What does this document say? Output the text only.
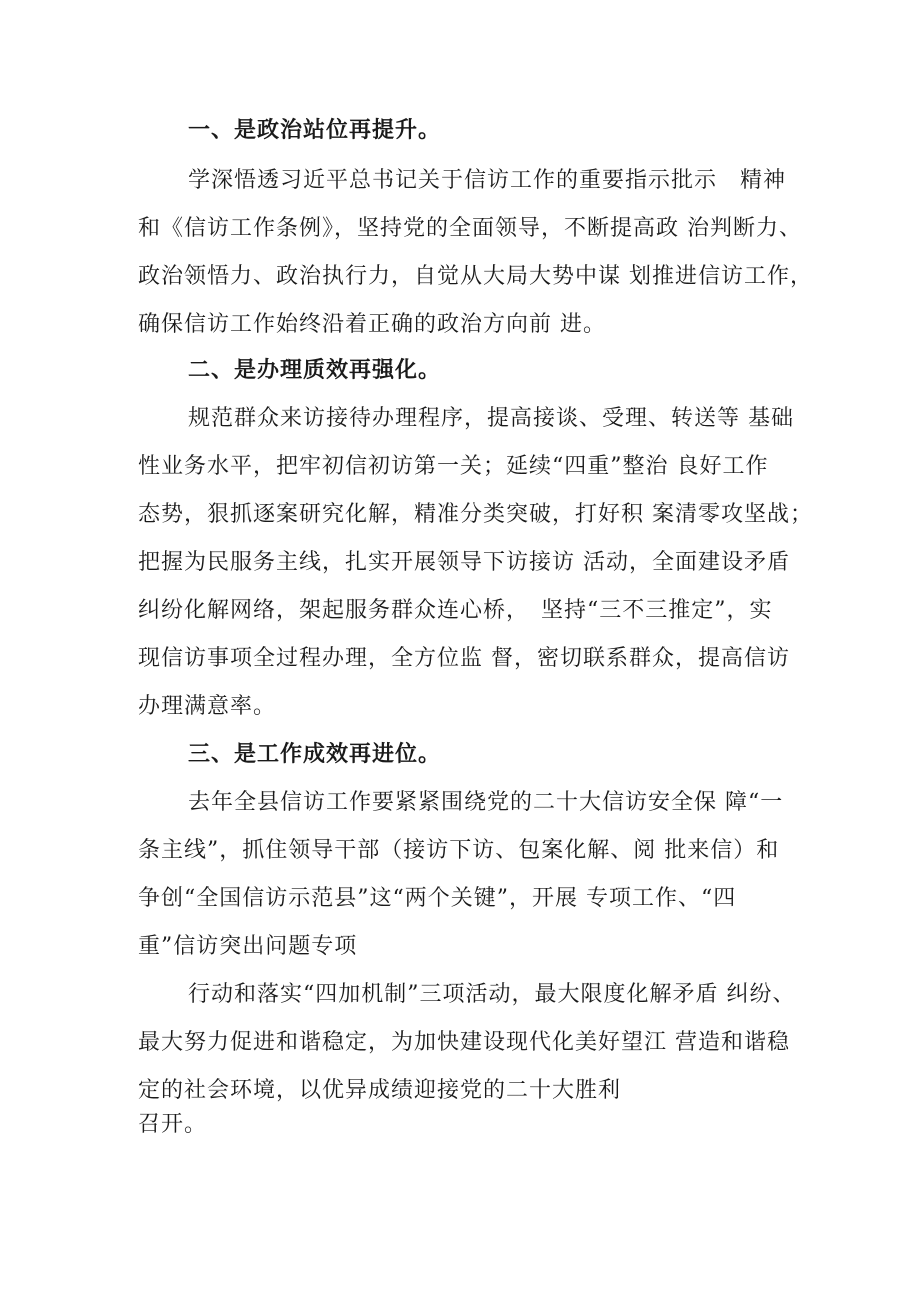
一、是政治站位再提升。
学深悟透习近平总书记关于信访工作的重要指示批示　精神
和《信访工作条例》，坚持党的全面领导，不断提高政 治判断力、
政治领悟力、政治执行力，自觉从大局大势中谋 划推进信访工作，
确保信访工作始终沿着正确的政治方向前 进。
二、是办理质效再强化。
规范群众来访接待办理程序，提高接谈、受理、转送等 基础
性业务水平，把牢初信初访第一关；延续“四重”整治 良好工作
态势，狠抓逐案研究化解，精准分类突破，打好积 案清零攻坚战；
把握为民服务主线，扎实开展领导下访接访 活动，全面建设矛盾
纠纷化解网络，架起服务群众连心桥，　坚持“三不三推定”，实
现信访事项全过程办理，全方位监 督，密切联系群众，提高信访
办理满意率。
三、是工作成效再进位。
去年全县信访工作要紧紧围绕党的二十大信访安全保 障“一
条主线”，抓住领导干部（接访下访、包案化解、阅 批来信）和
争创“全国信访示范县”这“两个关键”，开展 专项工作、“四
重”信访突出问题专项
行动和落实“四加机制”三项活动，最大限度化解矛盾 纠纷、
最大努力促进和谐稳定，为加快建设现代化美好望江 营造和谐稳
定的社会环境，以优异成绩迎接党的二十大胜利
召开。
